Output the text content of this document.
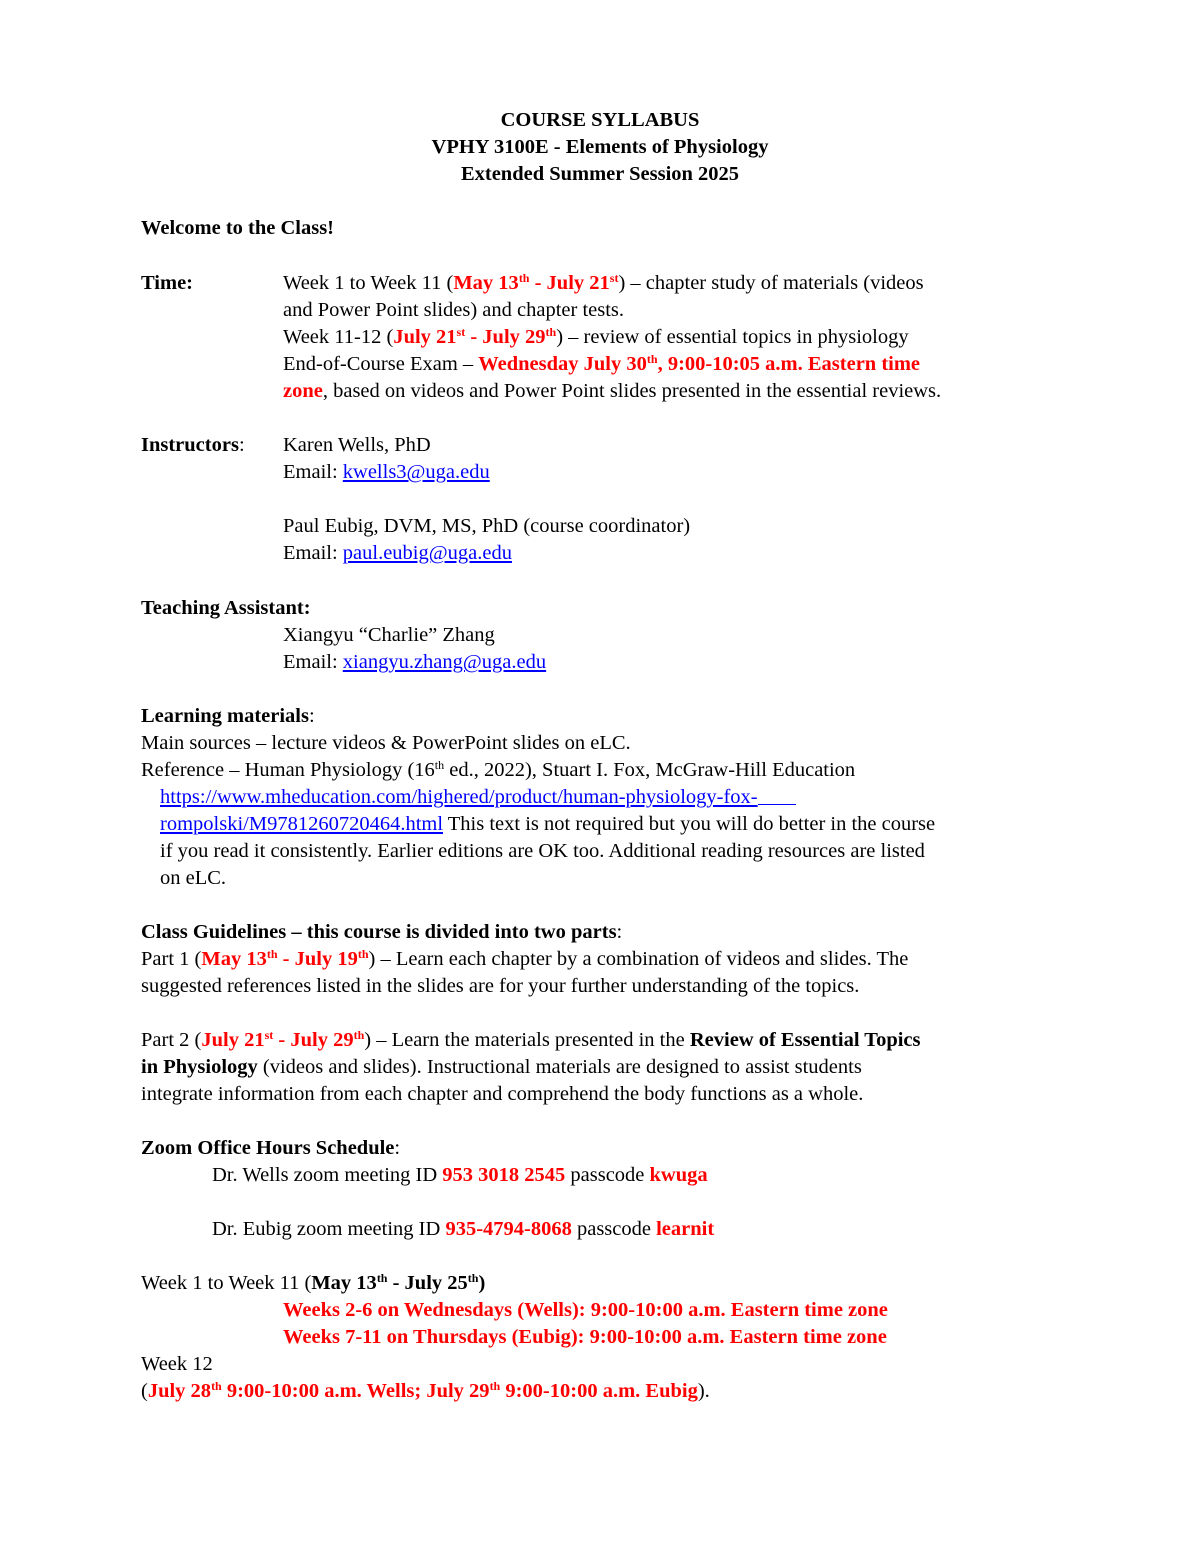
COURSE SYLLABUS
VPHY 3100E - Elements of Physiology
Extended Summer Session 2025
Welcome to the Class!
Time:	Week 1 to Week 11 (May 13th - July 21st) – chapter study of materials (videos
and Power Point slides) and chapter tests.
Week 11-12 (July 21st - July 29th) – review of essential topics in physiology
End-of-Course Exam – Wednesday July 30th, 9:00-10:05 a.m. Eastern time
zone, based on videos and Power Point slides presented in the essential reviews.
Instructors: Karen Wells, PhD
Email: kwells3@uga.edu
Paul Eubig, DVM, MS, PhD (course coordinator)
Email: paul.eubig@uga.edu
Teaching Assistant:
Xiangyu “Charlie” Zhang
Email: xiangyu.zhang@uga.edu
Learning materials:
Main sources – lecture videos & PowerPoint slides on eLC.
Reference – Human Physiology (16th ed., 2022), Stuart I. Fox, McGraw-Hill Education
https://www.mheducation.com/highered/product/human-physiology-fox-
rompolski/M9781260720464.html This text is not required but you will do better in the course
if you read it consistently. Earlier editions are OK too. Additional reading resources are listed
on eLC.
Class Guidelines – this course is divided into two parts:
Part 1 (May 13th - July 19th) – Learn each chapter by a combination of videos and slides. The
suggested references listed in the slides are for your further understanding of the topics.
Part 2 (July 21st - July 29th) – Learn the materials presented in the Review of Essential Topics
in Physiology (videos and slides). Instructional materials are designed to assist students
integrate information from each chapter and comprehend the body functions as a whole.
Zoom Office Hours Schedule:
Dr. Wells zoom meeting ID 953 3018 2545 passcode kwuga
Dr. Eubig zoom meeting ID 935-4794-8068 passcode learnit
Week 1 to Week 11 (May 13th - July 25th)
Weeks 2-6 on Wednesdays (Wells): 9:00-10:00 a.m. Eastern time zone
Weeks 7-11 on Thursdays (Eubig): 9:00-10:00 a.m. Eastern time zone
Week 12
(July 28th 9:00-10:00 a.m. Wells; July 29th 9:00-10:00 a.m. Eubig).
